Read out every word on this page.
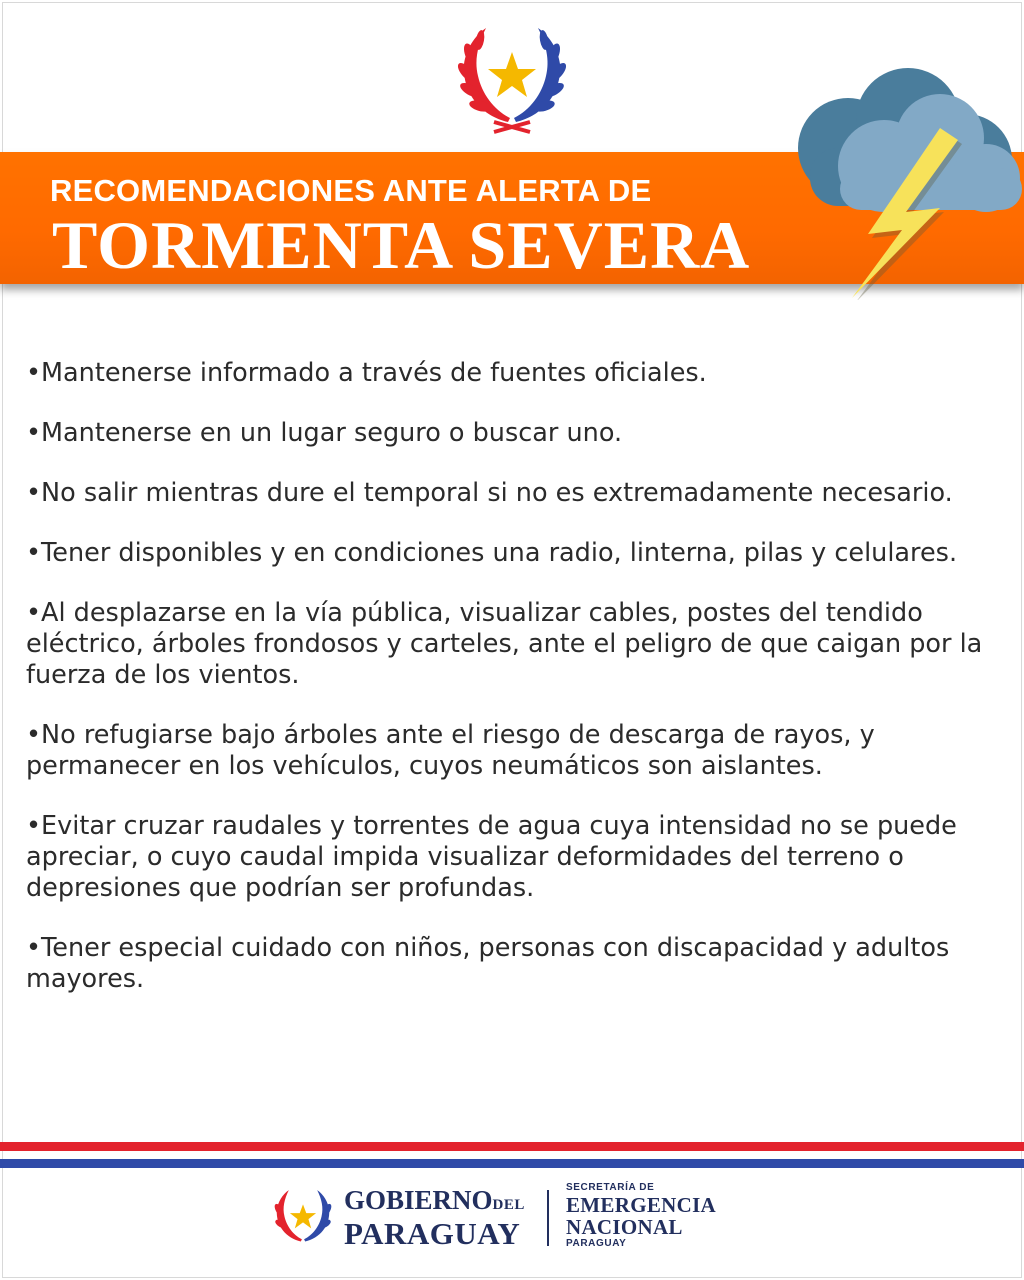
RECOMENDACIONES ANTE ALERTA DE
TORMENTA SEVERA

•Mantenerse informado a través de fuentes oficiales.

•Mantenerse en un lugar seguro o buscar uno.

•No salir mientras dure el temporal si no es extremadamente necesario.

•Tener disponibles y en condiciones una radio, linterna, pilas y celulares.

•Al desplazarse en la vía pública, visualizar cables, postes del tendido eléctrico, árboles frondosos y carteles, ante el peligro de que caigan por la fuerza de los vientos.

•No refugiarse bajo árboles ante el riesgo de descarga de rayos, y permanecer en los vehículos, cuyos neumáticos son aislantes.

•Evitar cruzar raudales y torrentes de agua cuya intensidad no se puede apreciar, o cuyo caudal impida visualizar deformidades del terreno o depresiones que podrían ser profundas.

•Tener especial cuidado con niños, personas con discapacidad y adultos mayores.

GOBIERNODEL
PARAGUAY
SECRETARÍA DE
EMERGENCIA
NACIONAL
PARAGUAY
